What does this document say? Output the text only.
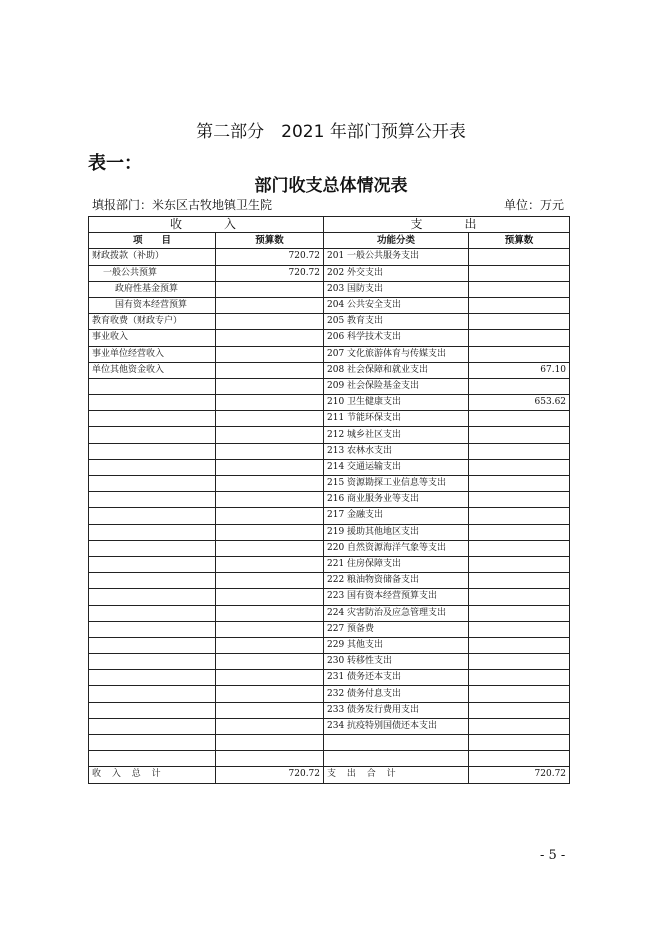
第二部分　2021 年部门预算公开表
表一：
部门收支总体情况表
填报部门：米东区古牧地镇卫生院	单位：万元
收　　入		支　　出	
项　　目	预算数	功能分类	预算数
财政拨款（补助）	720.72	201 一般公共服务支出	
一般公共预算	720.72	202 外交支出	
政府性基金预算		203 国防支出	
国有资本经营预算		204 公共安全支出	
教育收费（财政专户）		205 教育支出	
事业收入		206 科学技术支出	
事业单位经营收入		207 文化旅游体育与传媒支出	
单位其他资金收入		208 社会保障和就业支出	67.10
		209 社会保险基金支出	
		210 卫生健康支出	653.62
		211 节能环保支出	
		212 城乡社区支出	
		213 农林水支出	
		214 交通运输支出	
		215 资源勘探工业信息等支出	
		216 商业服务业等支出	
		217 金融支出	
		219 援助其他地区支出	
		220 自然资源海洋气象等支出	
		221 住房保障支出	
		222 粮油物资储备支出	
		223 国有资本经营预算支出	
		224 灾害防治及应急管理支出	
		227 预备费	
		229 其他支出	
		230 转移性支出	
		231 债务还本支出	
		232 债务付息支出	
		233 债务发行费用支出	
		234 抗疫特别国债还本支出	

收 入 总 计	720.72	支 出 合 计	720.72
- 5 -
